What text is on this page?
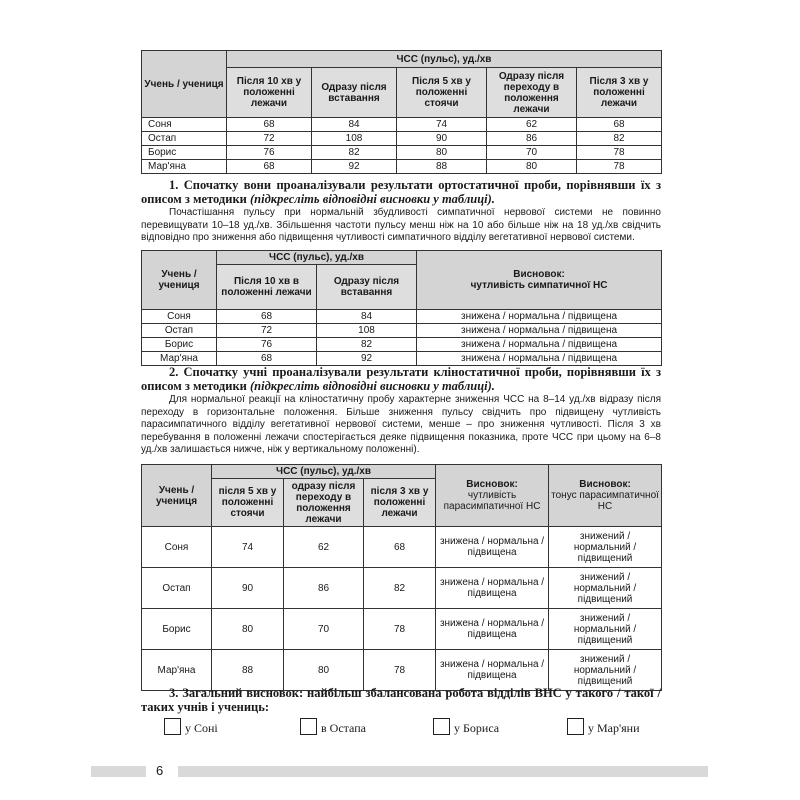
Учень / учениця	ЧСС (пульс), уд./хв				
	Після 10 хв у положенні лежачи	Одразу після вставання	Після 5 хв у положенні стоячи	Одразу після переходу в положення лежачи	Після 3 хв у положенні лежачи
Соня	68	84	74	62	68
Остап	72	108	90	86	82
Борис	76	82	80	70	78
Мар'яна	68	92	88	80	78
1. Спочатку вони проаналізували результати ортостатичної проби, порівнявши їх з описом з методики (підкресліть відповідні висновки у таблиці).
Почастішання пульсу при нормальній збудливості симпатичної нервової системи не повинно перевищувати 10–18 уд./хв. Збільшення частоти пульсу менш ніж на 10 або більше ніж на 18 уд./хв свідчить відповідно про зниження або підвищення чутливості симпатичного відділу вегетативної нервової системи.
Учень / учениця	ЧСС (пульс), уд./хв		Висновок:
чутливість симпатичної НС
	Після 10 хв в положенні лежачи	Одразу після вставання	
Соня	68	84	знижена / нормальна / підвищена
Остап	72	108	знижена / нормальна / підвищена
Борис	76	82	знижена / нормальна / підвищена
Мар'яна	68	92	знижена / нормальна / підвищена
2. Спочатку учні проаналізували результати кліностатичної проби, порівнявши їх з описом з методики (підкресліть відповідні висновки у таблиці).
Для нормальної реакції на кліностатичну пробу характерне зниження ЧСС на 8–14 уд./хв відразу після переходу в горизонтальне положення. Більше зниження пульсу свідчить про підвищену чутливість парасимпатичного відділу вегетативної нервової системи, менше – про зниження чутливості. Після 3 хв перебування в положенні лежачи спостерігається деяке підвищення показника, проте ЧСС при цьому на 6–8 уд./хв залишається нижче, ніж у вертикальному положенні).
Учень / учениця	ЧСС (пульс), уд./хв			Висновок:
чутливість парасимпатичної НС	Висновок:
тонус парасимпатичної НС
	після 5 хв у положенні стоячи	одразу після переходу в положення лежачи	після 3 хв у положенні лежачи		
Соня	74	62	68	знижена / нормальна / підвищена	знижений / нормальний / підвищений
Остап	90	86	82	знижена / нормальна / підвищена	знижений / нормальний / підвищений
Борис	80	70	78	знижена / нормальна / підвищена	знижений / нормальний / підвищений
Мар'яна	88	80	78	знижена / нормальна / підвищена	знижений / нормальний / підвищений
3. Загальний висновок: найбільш збалансована робота відділів ВНС у такого / такої / таких учнів і учениць:
у Соні	в Остапа	у Бориса	у Мар'яни
6
